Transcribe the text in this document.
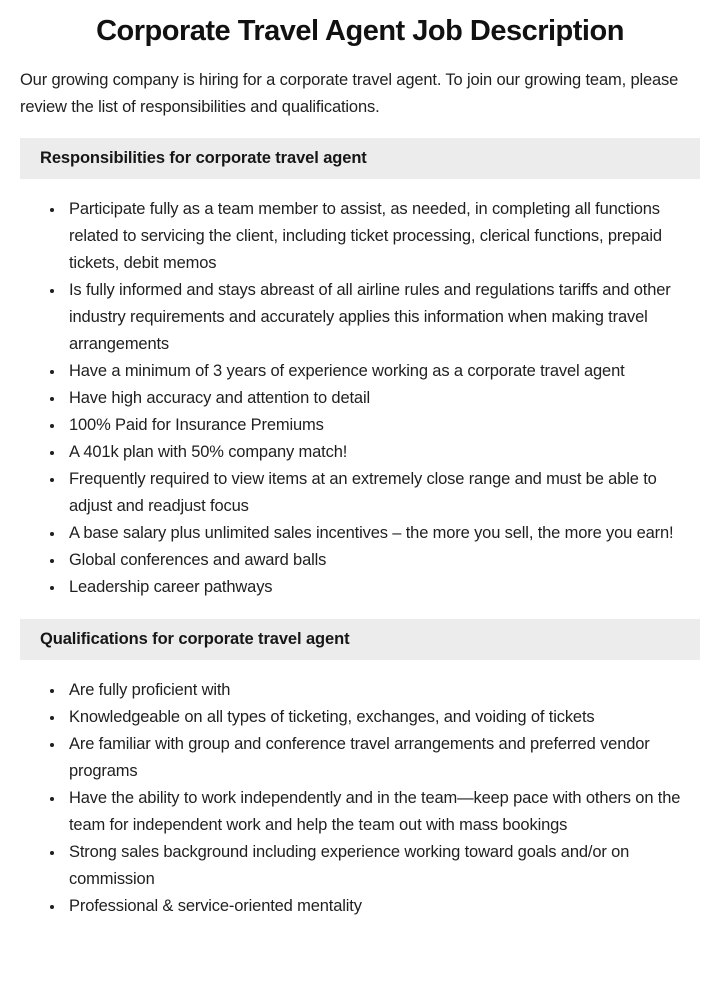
Corporate Travel Agent Job Description

Our growing company is hiring for a corporate travel agent. To join our growing team, please review the list of responsibilities and qualifications.

Responsibilities for corporate travel agent
• Participate fully as a team member to assist, as needed, in completing all functions related to servicing the client, including ticket processing, clerical functions, prepaid tickets, debit memos
• Is fully informed and stays abreast of all airline rules and regulations tariffs and other industry requirements and accurately applies this information when making travel arrangements
• Have a minimum of 3 years of experience working as a corporate travel agent
• Have high accuracy and attention to detail
• 100% Paid for Insurance Premiums
• A 401k plan with 50% company match!
• Frequently required to view items at an extremely close range and must be able to adjust and readjust focus
• A base salary plus unlimited sales incentives – the more you sell, the more you earn!
• Global conferences and award balls
• Leadership career pathways
Qualifications for corporate travel agent
• Are fully proficient with
• Knowledgeable on all types of ticketing, exchanges, and voiding of tickets
• Are familiar with group and conference travel arrangements and preferred vendor programs
• Have the ability to work independently and in the team—keep pace with others on the team for independent work and help the team out with mass bookings
• Strong sales background including experience working toward goals and/or on commission
• Professional & service-oriented mentality
